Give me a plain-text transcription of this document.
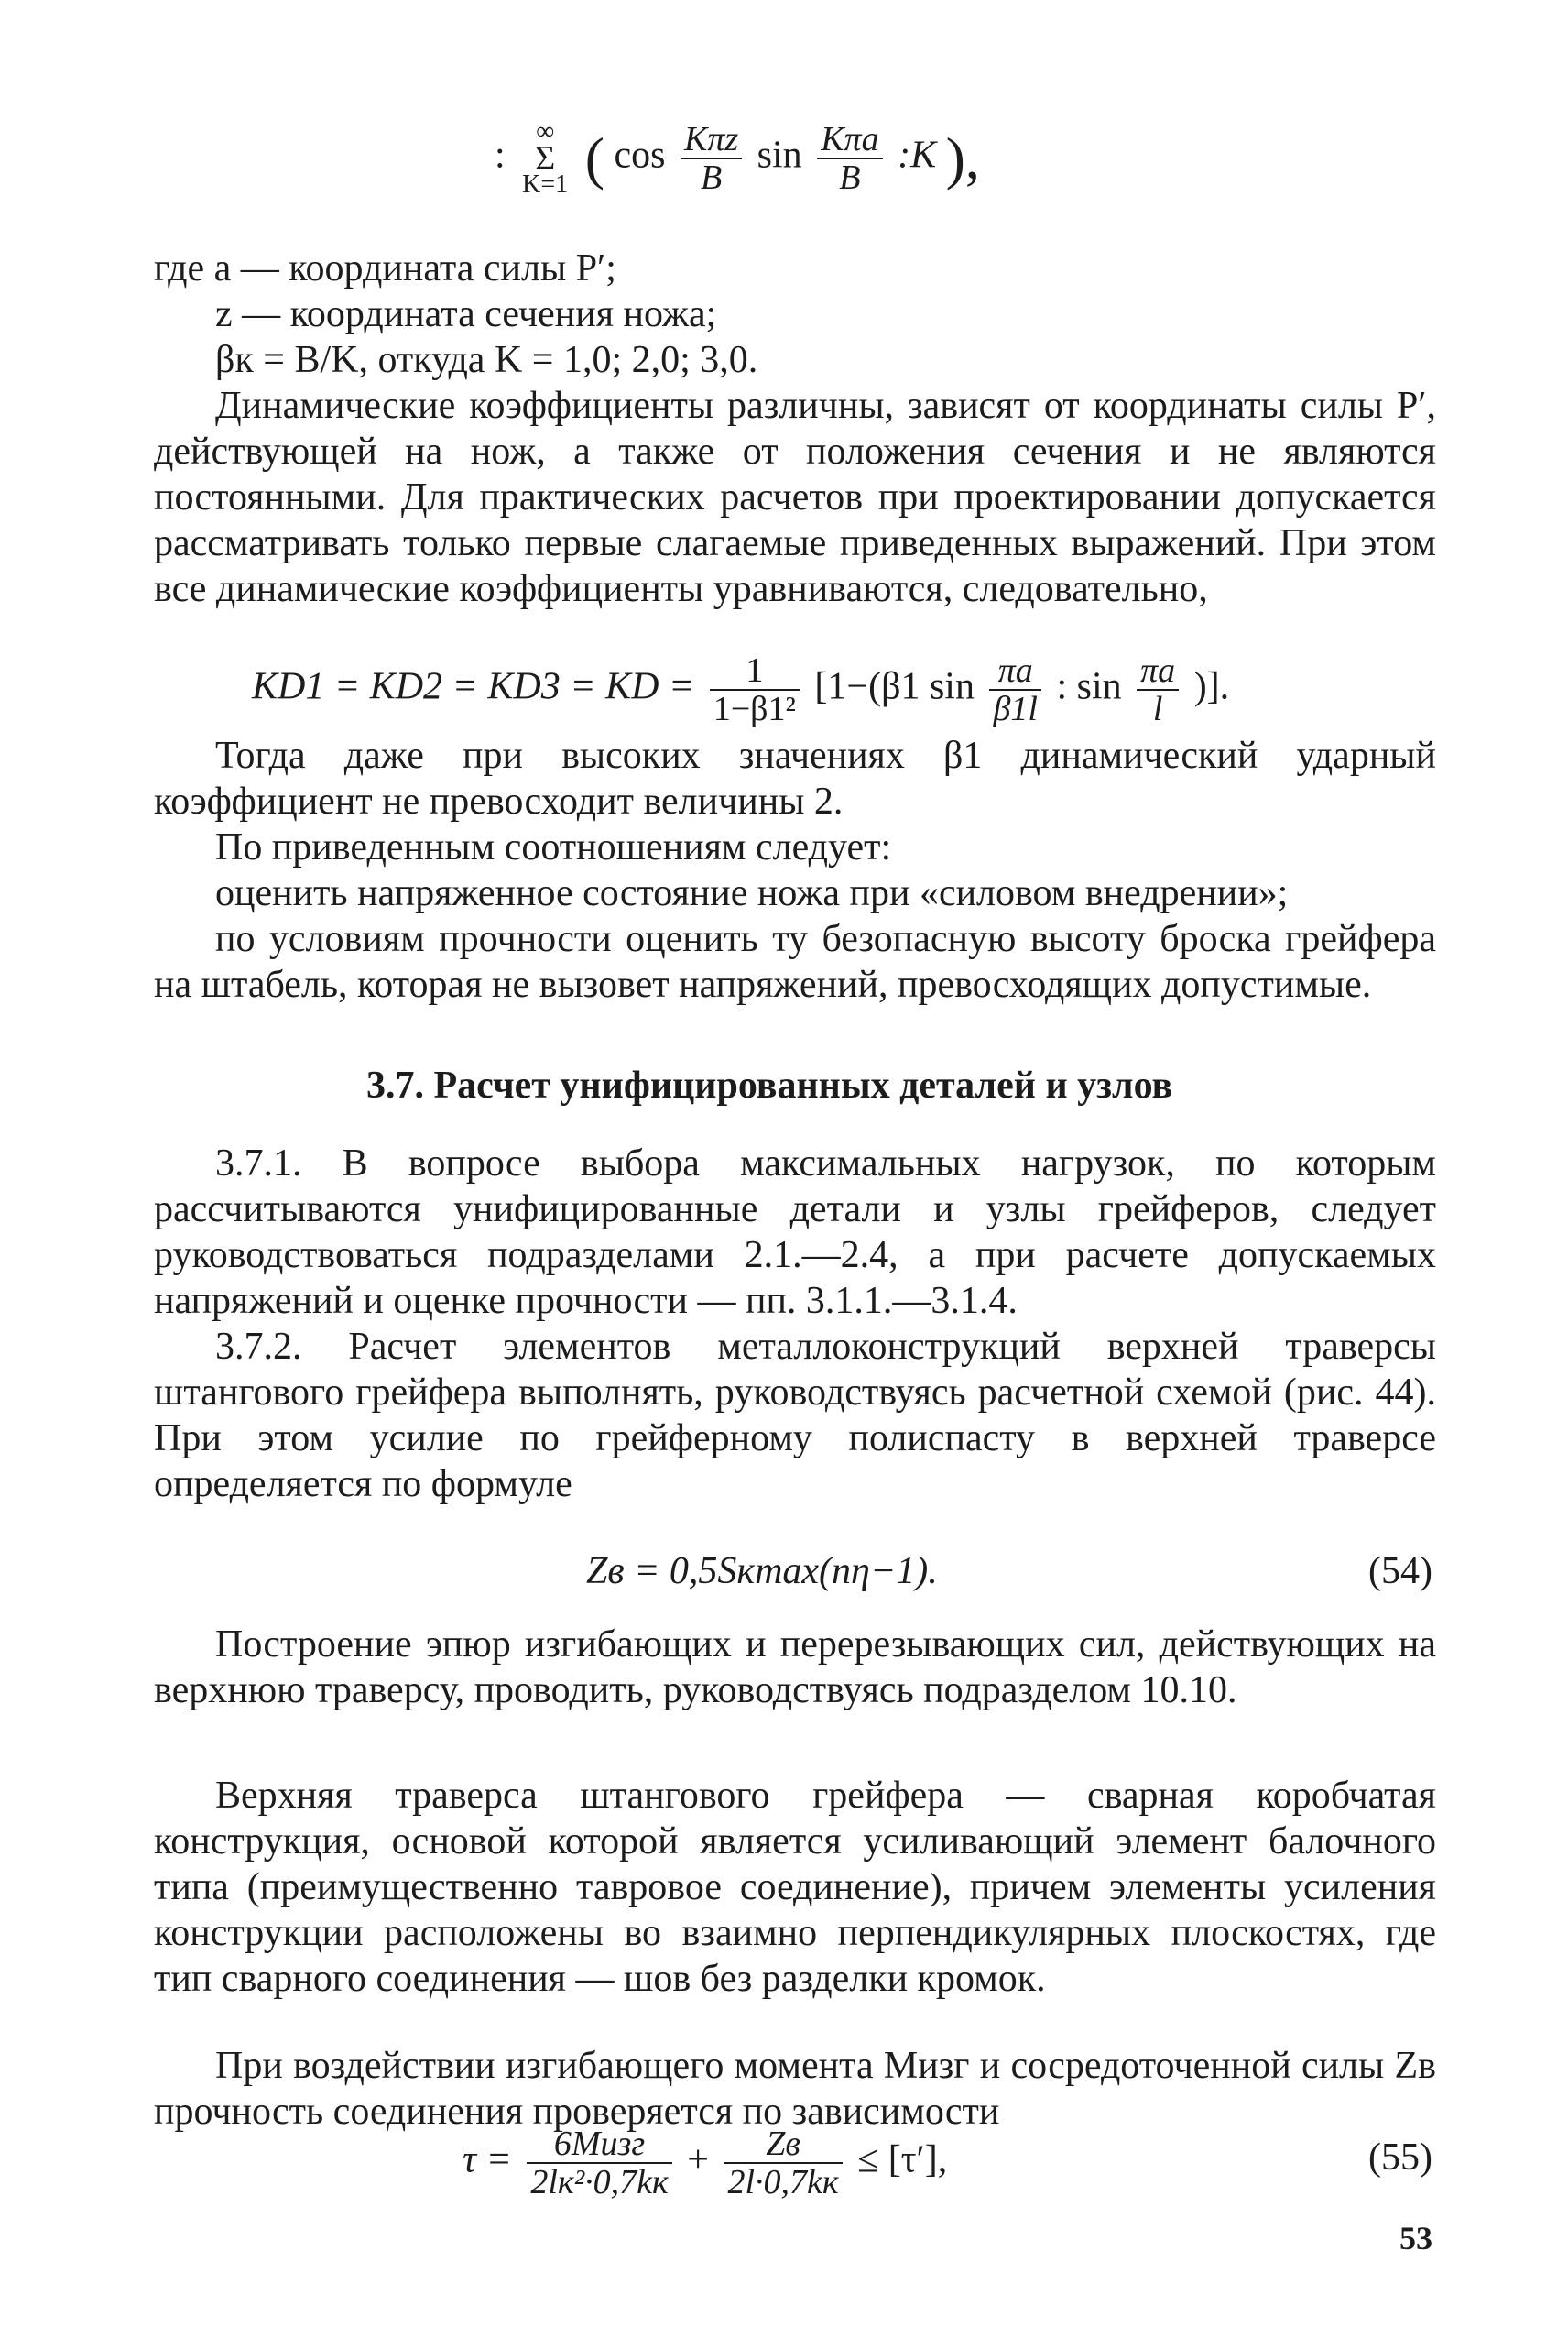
:
∞
Σ
K=1 ( $\cos \frac{\text{Kπz}}{B}$ $\sin \frac{\text{Kπa}}{B}$ :K ),

где a — координата силы P′;

z — координата сечения ножа;

βк = B/K, откуда K = 1,0; 2,0; 3,0.

Динамические коэффициенты различны, зависят от координаты силы P′, действующей на нож, а также от положения сечения и не являются постоянными. Для практических расчетов при проектировании допускается рассматривать только первые слагаемые приведенных выражений. При этом все динамические коэффициенты уравниваются, следовательно,

KD1 = KD2 = KD3 = KD = $\frac{1}{\text{1−β1²}} [1-(\beta 1$ $\sin \frac{\pi a}{\beta 1l}$ : $\sin \frac{\pi a}{l}$ )].

Тогда даже при высоких значениях β1 динамический ударный коэффициент не превосходит величины 2.

По приведенным соотношениям следует:

оценить напряженное состояние ножа при «силовом внедрении»;

по условиям прочности оценить ту безопасную высоту броска грейфера на штабель, которая не вызовет напряжений, превосходящих допустимые.

3.7. Расчет унифицированных деталей и узлов

3.7.1. В вопросе выбора максимальных нагрузок, по которым рассчитываются унифицированные детали и узлы грейферов, следует руководствоваться подразделами 2.1.—2.4, а при расчете допускаемых напряжений и оценке прочности — пп. 3.1.1.—3.1.4.

3.7.2. Расчет элементов металлоконструкций верхней траверсы штангового грейфера выполнять, руководствуясь расчетной схемой (рис. 44). При этом усилие по грейферному полиспасту в верхней траверсе определяется по формуле

Zв = 0,5Sкmax(nη−1).	(54)

Построение эпюр изгибающих и перерезывающих сил, действующих на верхнюю траверсу, проводить, руководствуясь подразделом 10.10.

Верхняя траверса штангового грейфера — сварная коробчатая конструкция, основой которой является усиливающий элемент балочного типа (преимущественно тавровое соединение), причем элементы усиления конструкции расположены во взаимно перпендикулярных плоскостях, где тип сварного соединения — шов без разделки кромок.

При воздействии изгибающего момента Mизг и сосредоточенной силы Zв прочность соединения проверяется по зависимости

$\tau = \frac{\text{6Mизг}}{\text{2lк²·0,7kк}} + \frac{Zв}{2l\cdot 0,7kк} \le [\tau']$,	(55)
53
